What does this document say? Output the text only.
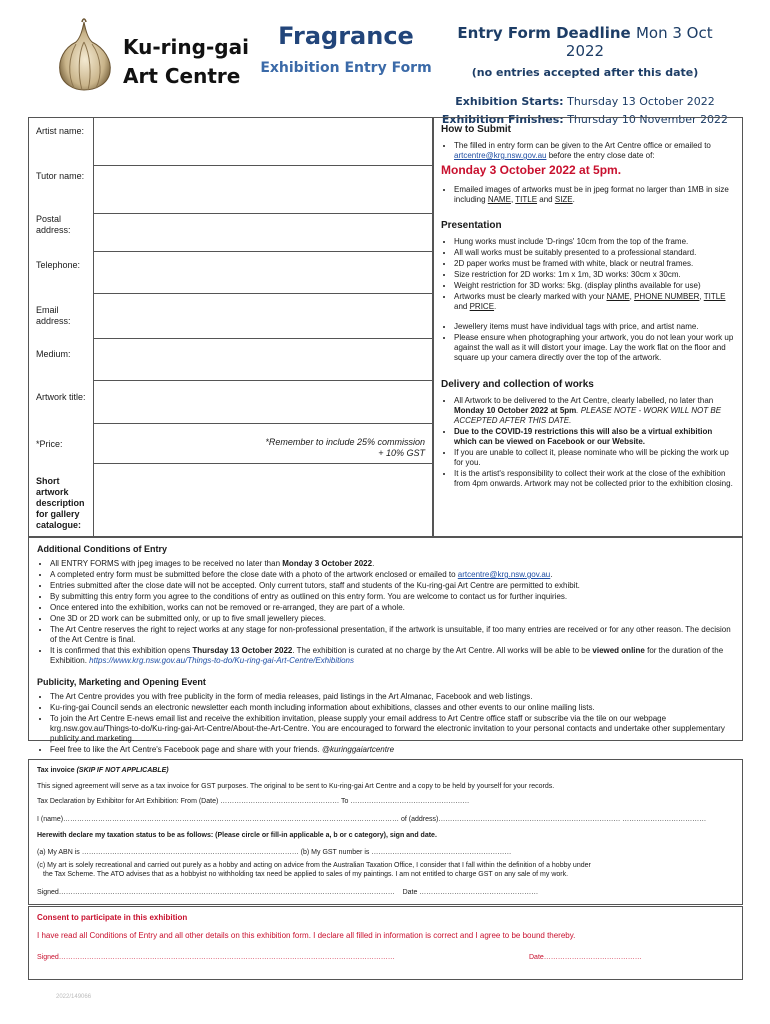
Ku-ring-gai
Art Centre
Fragrance
Exhibition Entry Form
Entry Form Deadline Mon 3 Oct 2022
(no entries accepted after this date)
Exhibition Starts: Thursday 13 October 2022
Exhibition Finishes: Thursday 10 November 2022
Artist name:
Tutor name:
Postal address:
Telephone:
Email address:
Medium:
Artwork title:
*Price:	*Remember to include 25% commission
+ 10% GST
Short artwork description for gallery catalogue:
How to Submit
• The filled in entry form can be given to the Art Centre office or emailed to artcentre@krg.nsw.gov.au before the entry close date of:
Monday 3 October 2022 at 5pm.
• Emailed images of artworks must be in jpeg format no larger than 1MB in size including NAME, TITLE and SIZE.
Presentation
• Hung works must include 'D-rings' 10cm from the top of the frame.
• All wall works must be suitably presented to a professional standard.
• 2D paper works must be framed with white, black or neutral frames.
• Size restriction for 2D works: 1m x 1m, 3D works: 30cm x 30cm.
• Weight restriction for 3D works: 5kg. (display plinths available for use)
• Artworks must be clearly marked with your NAME, PHONE NUMBER, TITLE and PRICE.
• Jewellery items must have individual tags with price, and artist name.
• Please ensure when photographing your artwork, you do not lean your work up against the wall as it will distort your image. Lay the work flat on the floor and square up your camera directly over the top of the artwork.
Delivery and collection of works
• All Artwork to be delivered to the Art Centre, clearly labelled, no later than Monday 10 October 2022 at 5pm. PLEASE NOTE - WORK WILL NOT BE ACCEPTED AFTER THIS DATE.
• Due to the COVID-19 restrictions this will also be a virtual exhibition which can be viewed on Facebook or our Website.
• If you are unable to collect it, please nominate who will be picking the work up for you.
• It is the artist's responsibility to collect their work at the close of the exhibition from 4pm onwards. Artwork may not be collected prior to the exhibition closing.
Additional Conditions of Entry
• All ENTRY FORMS with jpeg images to be received no later than Monday 3 October 2022.
• A completed entry form must be submitted before the close date with a photo of the artwork enclosed or emailed to artcentre@krg.nsw.gov.au.
• Entries submitted after the close date will not be accepted. Only current tutors, staff and students of the Ku-ring-gai Art Centre are permitted to exhibit.
• By submitting this entry form you agree to the conditions of entry as outlined on this entry form. You are welcome to contact us for further inquiries.
• Once entered into the exhibition, works can not be removed or re-arranged, they are part of a whole.
• One 3D or 2D work can be submitted only, or up to five small jewellery pieces.
• The Art Centre reserves the right to reject works at any stage for non-professional presentation, if the artwork is unsuitable, if too many entries are received or for any other reason. The decision of the Art Centre is final.
• It is confirmed that this exhibition opens Thursday 13 October 2022. The exhibition is curated at no charge by the Art Centre. All works will be able to be viewed online for the duration of the Exhibition. https://www.krg.nsw.gov.au/Things-to-do/Ku-ring-gai-Art-Centre/Exhibitions
Publicity, Marketing and Opening Event
• The Art Centre provides you with free publicity in the form of media releases, paid listings in the Art Almanac, Facebook and web listings.
• Ku-ring-gai Council sends an electronic newsletter each month including information about exhibitions, classes and other events to our online mailing lists.
• To join the Art Centre E-news email list and receive the exhibition invitation, please supply your email address to Art Centre office staff or subscribe via the tile on our webpage krg.nsw.gov.au/Things-to-do/Ku-ring-gai-Art-Centre/About-the-Art-Centre. You are encouraged to forward the electronic invitation to your personal contacts and undertake other supplementary publicity and marketing.
• Feel free to like the Art Centre's Facebook page and share with your friends. @kuringgaiartcentre
Tax invoice (SKIP IF NOT APPLICABLE)
This signed agreement will serve as a tax invoice for GST purposes. The original to be sent to Ku-ring-gai Art Centre and a copy to be held by yourself for your records.
Tax Declaration by Exhibitor for Art Exhibition: From (Date) …………………………………………… To ……………………………………………
I (name)……………………………………………………………………………………………………………………………… of (address)…………………………………………………………………… ………………………………
Herewith declare my taxation status to be as follows: (Please circle or fill-in applicable a, b or c category), sign and date.
(a) My ABN is ………………………………………………………………………………… (b) My GST number is ……………………………………………………
(c) My art is solely recreational and carried out purely as a hobby and acting on advice from the Australian Taxation Office, I consider that I fall within the definition of a hobby under
the Tax Scheme. The ATO advises that as a hobbyist no withholding tax need be applied to sales of my paintings. I am not entitled to charge GST on any sale of my work.
Signed……………………………………………………………………………………………………………………………… Date ……………………………………………
Consent to participate in this exhibition
I have read all Conditions of Entry and all other details on this exhibition form. I declare all filled in information is correct and I agree to be bound thereby.
Signed………………………………………………………………………………………………………………………………	Date……………………………………
2022/149066
